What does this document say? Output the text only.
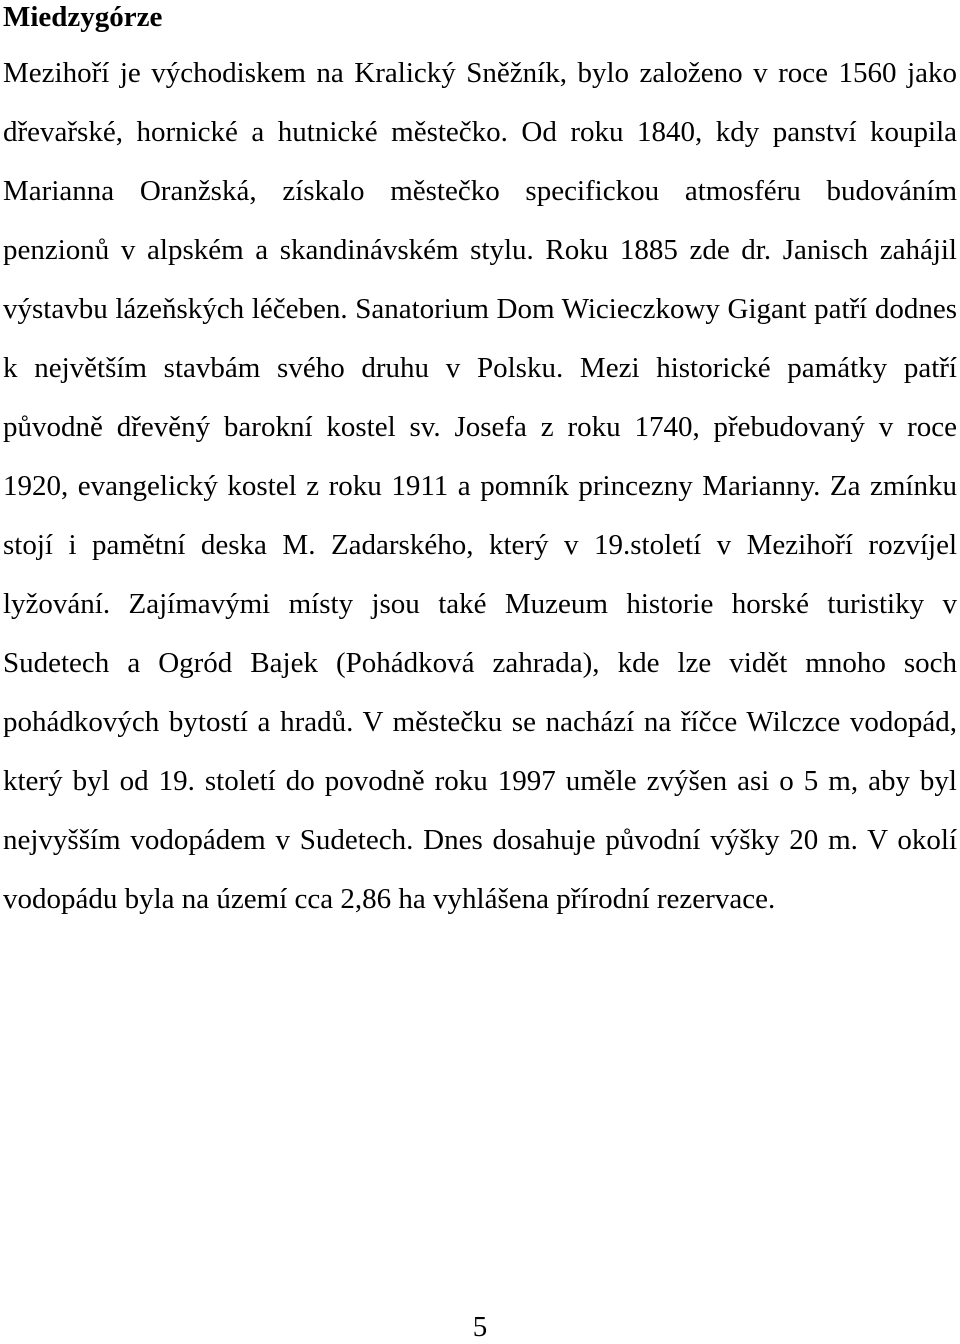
Miedzygórze

Mezihoří je východiskem na Kralický Sněžník, bylo založeno v roce 1560 jako dřevařské, hornické a hutnické městečko. Od roku 1840, kdy panství koupila Marianna Oranžská, získalo městečko specifickou atmosféru budováním penzionů v alpském a skandinávském stylu. Roku 1885 zde dr. Janisch zahájil výstavbu lázeňských léčeben. Sanatorium Dom Wicieczkowy Gigant patří dodnes k největším stavbám svého druhu v Polsku. Mezi historické památky patří původně dřevěný barokní kostel sv. Josefa z roku 1740, přebudovaný v roce 1920, evangelický kostel z roku 1911 a pomník princezny Marianny. Za zmínku stojí i pamětní deska M. Zadarského, který v 19.století v Mezihoří rozvíjel lyžování. Zajímavými místy jsou také Muzeum historie horské turistiky v Sudetech a Ogród Bajek (Pohádková zahrada), kde lze vidět mnoho soch pohádkových bytostí a hradů. V městečku se nachází na říčce Wilczce vodopád, který byl od 19. století do povodně roku 1997 uměle zvýšen asi o 5 m, aby byl nejvyšším vodopádem v Sudetech. Dnes dosahuje původní výšky 20 m. V okolí vodopádu byla na území cca 2,86 ha vyhlášena přírodní rezervace.

5
